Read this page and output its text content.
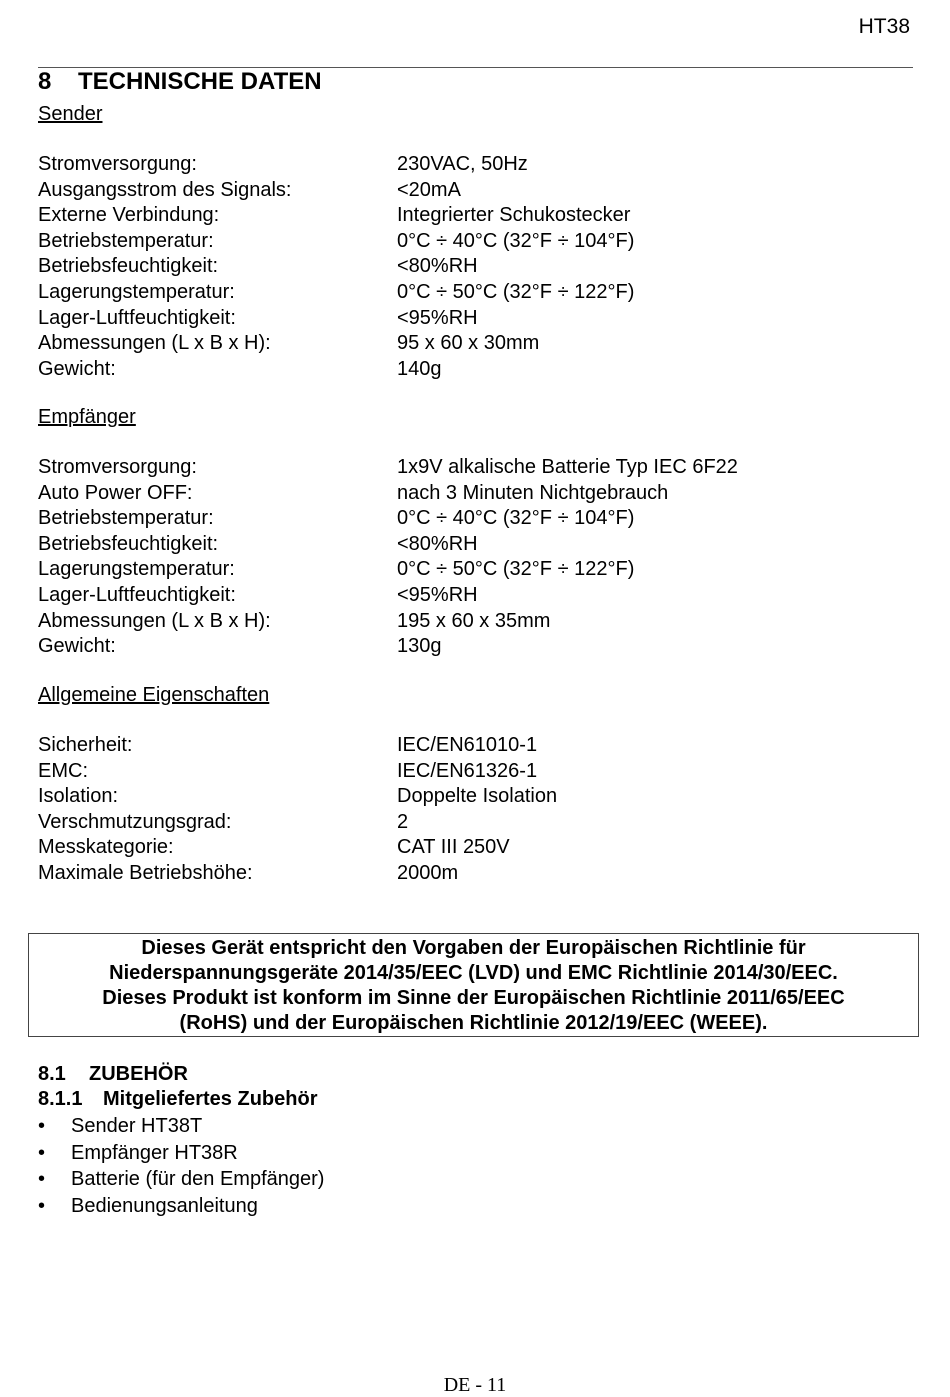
HT38
8 TECHNISCHE DATEN
Sender
Stromversorgung:	230VAC, 50Hz
Ausgangsstrom des Signals:	<20mA
Externe Verbindung:	Integrierter Schukostecker
Betriebstemperatur:	0°C ÷ 40°C (32°F ÷ 104°F)
Betriebsfeuchtigkeit:	<80%RH
Lagerungstemperatur:	0°C ÷ 50°C (32°F ÷ 122°F)
Lager-Luftfeuchtigkeit:	<95%RH
Abmessungen (L x B x H):	95 x 60 x 30mm
Gewicht:	140g
Empfänger
Stromversorgung:	1x9V alkalische Batterie Typ IEC 6F22
Auto Power OFF:	nach 3 Minuten Nichtgebrauch
Betriebstemperatur:	0°C ÷ 40°C (32°F ÷ 104°F)
Betriebsfeuchtigkeit:	<80%RH
Lagerungstemperatur:	0°C ÷ 50°C (32°F ÷ 122°F)
Lager-Luftfeuchtigkeit:	<95%RH
Abmessungen (L x B x H):	195 x 60 x 35mm
Gewicht:	130g
Allgemeine Eigenschaften
Sicherheit:	IEC/EN61010-1
EMC:	IEC/EN61326-1
Isolation:	Doppelte Isolation
Verschmutzungsgrad:	2
Messkategorie:	CAT III 250V
Maximale Betriebshöhe:	2000m
Dieses Gerät entspricht den Vorgaben der Europäischen Richtlinie für
Niederspannungsgeräte 2014/35/EEC (LVD) und EMC Richtlinie 2014/30/EEC.
Dieses Produkt ist konform im Sinne der Europäischen Richtlinie 2011/65/EEC
(RoHS) und der Europäischen Richtlinie 2012/19/EEC (WEEE).
8.1 ZUBEHÖR
8.1.1 Mitgeliefertes Zubehör
• Sender HT38T
• Empfänger HT38R
• Batterie (für den Empfänger)
• Bedienungsanleitung
DE - 11
